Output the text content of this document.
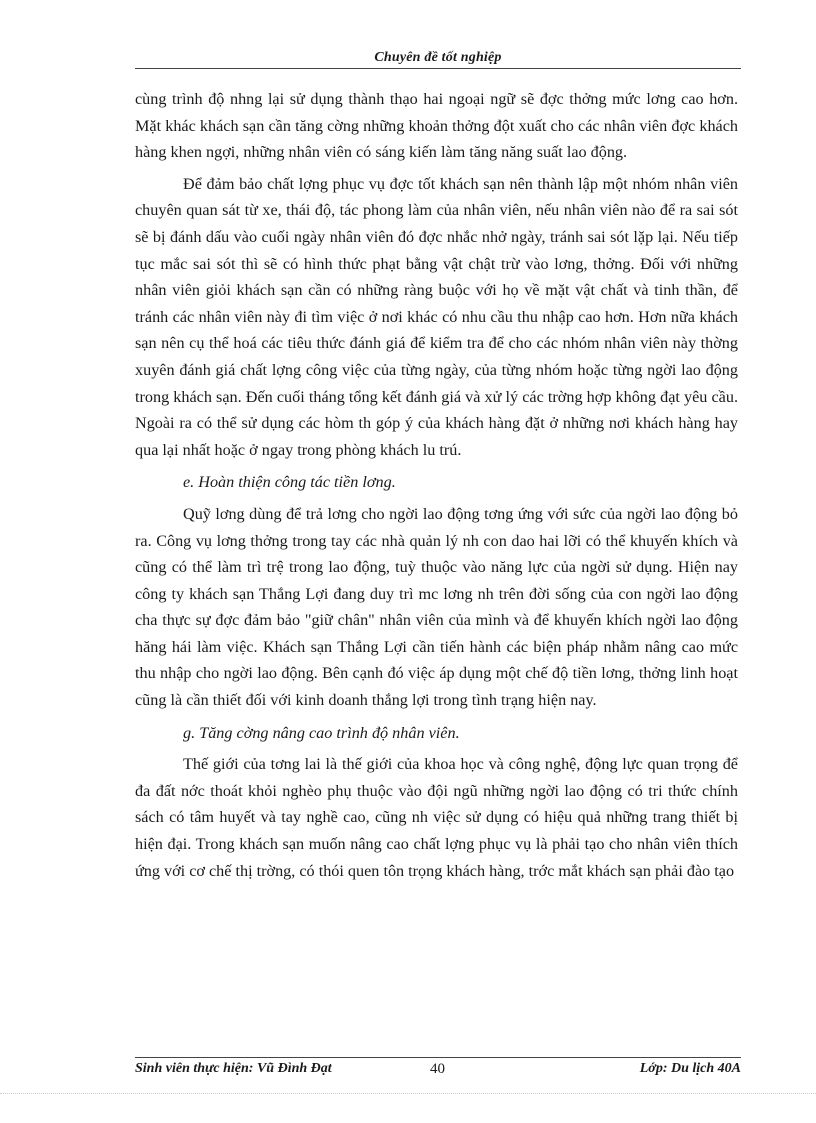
Chuyên đề tốt nghiệp

cùng trình độ nhng lại sử dụng thành thạo hai ngoại ngữ sẽ đợc thởng mức lơng cao hơn. Mặt khác khách sạn cần tăng cờng những khoản thởng đột xuất cho các nhân viên đợc khách hàng khen ngợi, những nhân viên có sáng kiến làm tăng năng suất lao động.

Để đảm bảo chất lợng phục vụ đợc tốt khách sạn nên thành lập một nhóm nhân viên chuyên quan sát từ xe, thái độ, tác phong làm của nhân viên, nếu nhân viên nào để ra sai sót sẽ bị đánh dấu vào cuối ngày nhân viên đó đợc nhắc nhở ngày, tránh sai sót lặp lại. Nếu tiếp tục mắc sai sót thì sẽ có hình thức phạt bằng vật chật trừ vào lơng, thởng. Đối với những nhân viên giỏi khách sạn cần có những ràng buộc với họ về mặt vật chất và tinh thần, để tránh các nhân viên này đi tìm việc ở nơi khác có nhu cầu thu nhập cao hơn. Hơn nữa khách sạn nên cụ thể hoá các tiêu thức đánh giá để kiểm tra để cho các nhóm nhân viên này thờng xuyên đánh giá chất lợng công việc của từng ngày, của từng nhóm hoặc từng ngời lao động trong khách sạn. Đến cuối tháng tổng kết đánh giá và xử lý các trờng hợp không đạt yêu cầu. Ngoài ra có thể sử dụng các hòm th góp ý của khách hàng đặt ở những nơi khách hàng hay qua lại nhất hoặc ở ngay trong phòng khách lu trú.

e. Hoàn thiện công tác tiền lơng.

Quỹ lơng dùng để trả lơng cho ngời lao động tơng ứng với sức của ngời lao động bỏ ra. Công vụ lơng thởng trong tay các nhà quản lý nh con dao hai lỡi có thể khuyến khích và cũng có thể làm trì trệ trong lao động, tuỳ thuộc vào năng lực của ngời sử dụng. Hiện nay công ty khách sạn Thắng Lợi đang duy trì mc lơng nh trên đời sống của con ngời lao động cha thực sự đợc đảm bảo "giữ chân" nhân viên của mình và để khuyến khích ngời lao động hăng hái làm việc. Khách sạn Thắng Lợi cần tiến hành các biện pháp nhằm nâng cao mức thu nhập cho ngời lao động. Bên cạnh đó việc áp dụng một chế độ tiền lơng, thởng linh hoạt cũng là cần thiết đối với kinh doanh thắng lợi trong tình trạng hiện nay.

g. Tăng cờng nâng cao trình độ nhân viên.

Thế giới của tơng lai là thế giới của khoa học và công nghệ, động lực quan trọng để đa đất nớc thoát khỏi nghèo phụ thuộc vào đội ngũ những ngời lao động có tri thức chính sách có tâm huyết và tay nghề cao, cũng nh việc sử dụng có hiệu quả những trang thiết bị hiện đại. Trong khách sạn muốn nâng cao chất lợng phục vụ là phải tạo cho nhân viên thích ứng với cơ chế thị trờng, có thói quen tôn trọng khách hàng, trớc mắt khách sạn phải đào tạo

Sinh viên thực hiện: Vũ Đình Đạt	40	Lớp: Du lịch 40A
